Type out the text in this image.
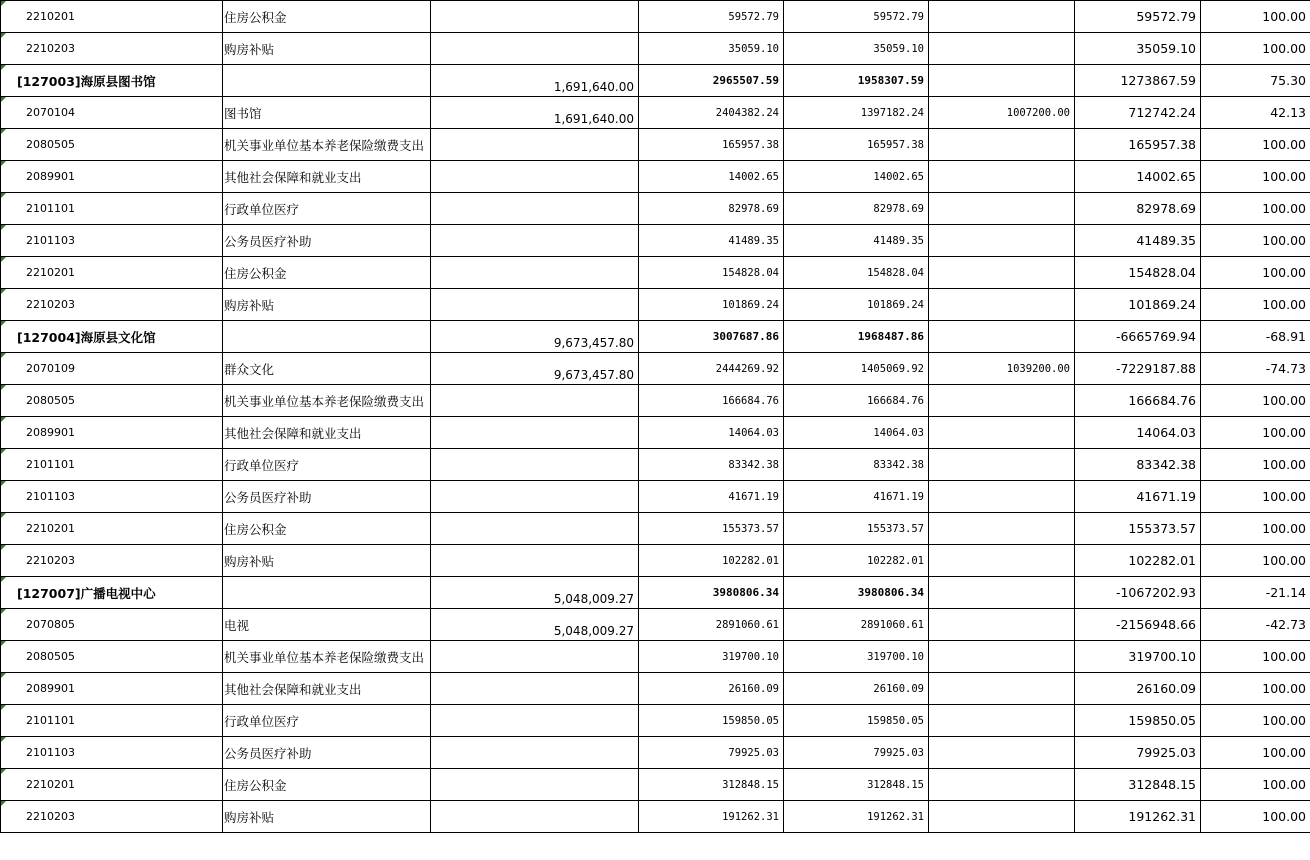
2210201	住房公积金		59572.79	59572.79		59572.79	100.00

2210203	购房补贴		35059.10	35059.10		35059.10	100.00

[127003]海原县图书馆		1,691,640.00	2965507.59	1958307.59		1273867.59	75.30

2070104	图书馆	1,691,640.00	2404382.24	1397182.24	1007200.00	712742.24	42.13

2080505	机关事业单位基本养老保险缴费支出		165957.38	165957.38		165957.38	100.00

2089901	其他社会保障和就业支出		14002.65	14002.65		14002.65	100.00

2101101	行政单位医疗		82978.69	82978.69		82978.69	100.00

2101103	公务员医疗补助		41489.35	41489.35		41489.35	100.00

2210201	住房公积金		154828.04	154828.04		154828.04	100.00

2210203	购房补贴		101869.24	101869.24		101869.24	100.00

[127004]海原县文化馆		9,673,457.80	3007687.86	1968487.86		-6665769.94	-68.91

2070109	群众文化	9,673,457.80	2444269.92	1405069.92	1039200.00	-7229187.88	-74.73

2080505	机关事业单位基本养老保险缴费支出		166684.76	166684.76		166684.76	100.00

2089901	其他社会保障和就业支出		14064.03	14064.03		14064.03	100.00

2101101	行政单位医疗		83342.38	83342.38		83342.38	100.00

2101103	公务员医疗补助		41671.19	41671.19		41671.19	100.00

2210201	住房公积金		155373.57	155373.57		155373.57	100.00

2210203	购房补贴		102282.01	102282.01		102282.01	100.00

[127007]广播电视中心		5,048,009.27	3980806.34	3980806.34		-1067202.93	-21.14

2070805	电视	5,048,009.27	2891060.61	2891060.61		-2156948.66	-42.73

2080505	机关事业单位基本养老保险缴费支出		319700.10	319700.10		319700.10	100.00

2089901	其他社会保障和就业支出		26160.09	26160.09		26160.09	100.00

2101101	行政单位医疗		159850.05	159850.05		159850.05	100.00

2101103	公务员医疗补助		79925.03	79925.03		79925.03	100.00

2210201	住房公积金		312848.15	312848.15		312848.15	100.00

2210203	购房补贴		191262.31	191262.31		191262.31	100.00
